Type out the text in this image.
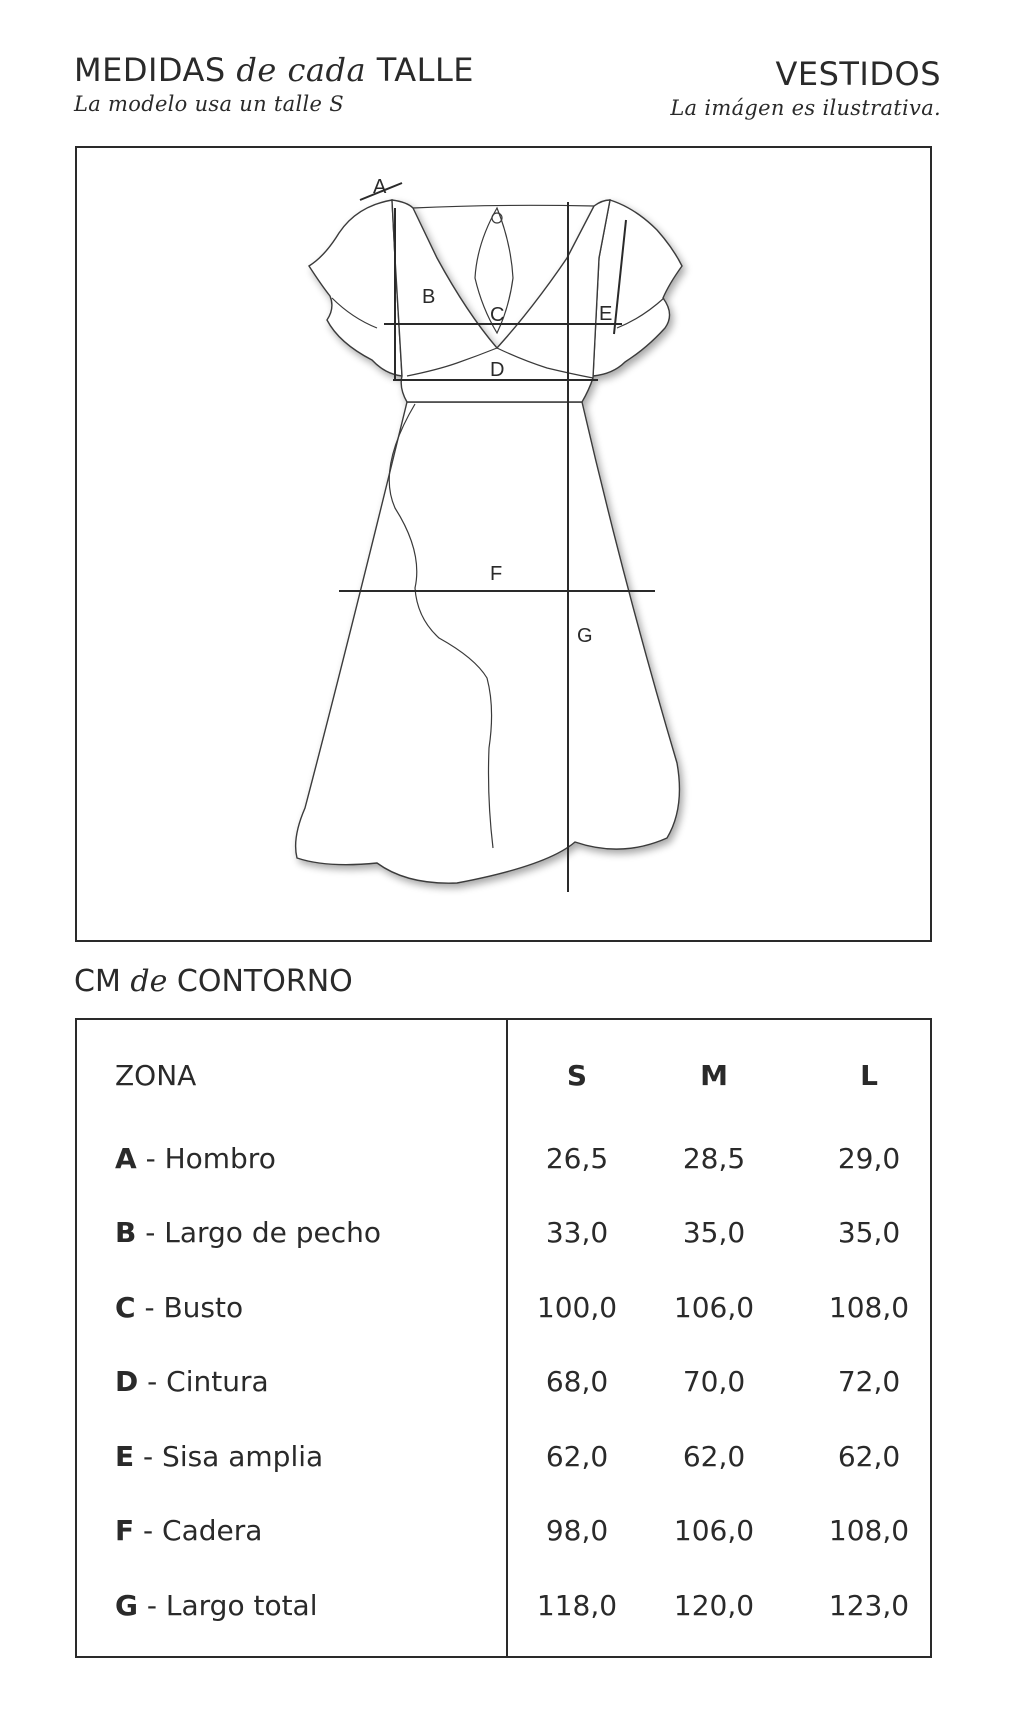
MEDIDAS de cada TALLE
La modelo usa un talle S
VESTIDOS
La imágen es ilustrativa.
A
B
C
D
E
F
G
CM de CONTORNO
ZONA	S	M	L
A - Hombro	26,5	28,5	29,0
B - Largo de pecho	33,0	35,0	35,0
C - Busto	100,0	106,0	108,0
D - Cintura	68,0	70,0	72,0
E - Sisa amplia	62,0	62,0	62,0
F - Cadera	98,0	106,0	108,0
G - Largo total	118,0	120,0	123,0
